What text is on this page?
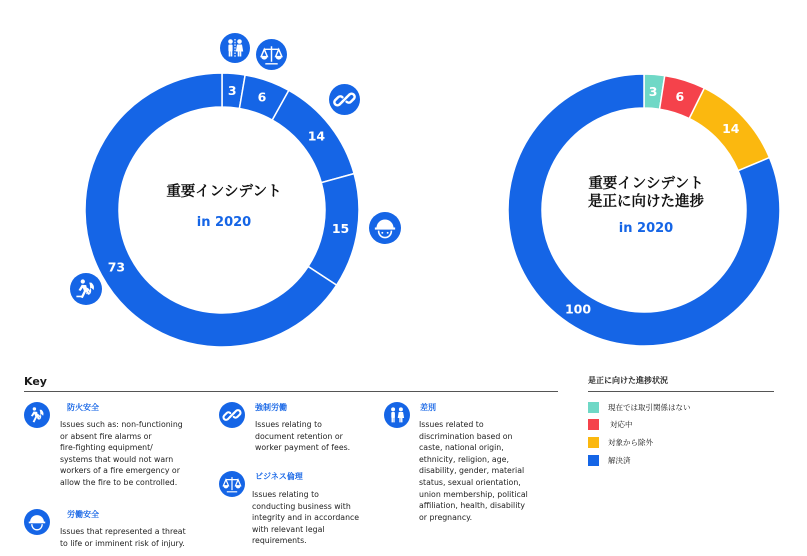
3 6
14
15
73
3 6
14
100
重要インシデント
in 2020
重要インシデント
是正に向けた進捗
in 2020
Key
防火安全
Issues such as: non-functioning
or absent fire alarms or
fire-fighting equipment/
systems that would not warn
workers of a fire emergency or
allow the fire to be controlled.
労働安全
Issues that represented a threat
to life or imminent risk of injury.
強制労働
Issues relating to
document retention or
worker payment of fees.
ビジネス倫理
Issues relating to
conducting business with
integrity and in accordance
with relevant legal
requirements.
差別
Issues related to
discrimination based on
caste, national origin,
ethnicity, religion, age,
disability, gender, material
status, sexual orientation,
union membership, political
affiliation, health, disability
or pregnancy.
是正に向けた進捗状況
現在では取引関係はない
対応中
対象から除外
解決済
